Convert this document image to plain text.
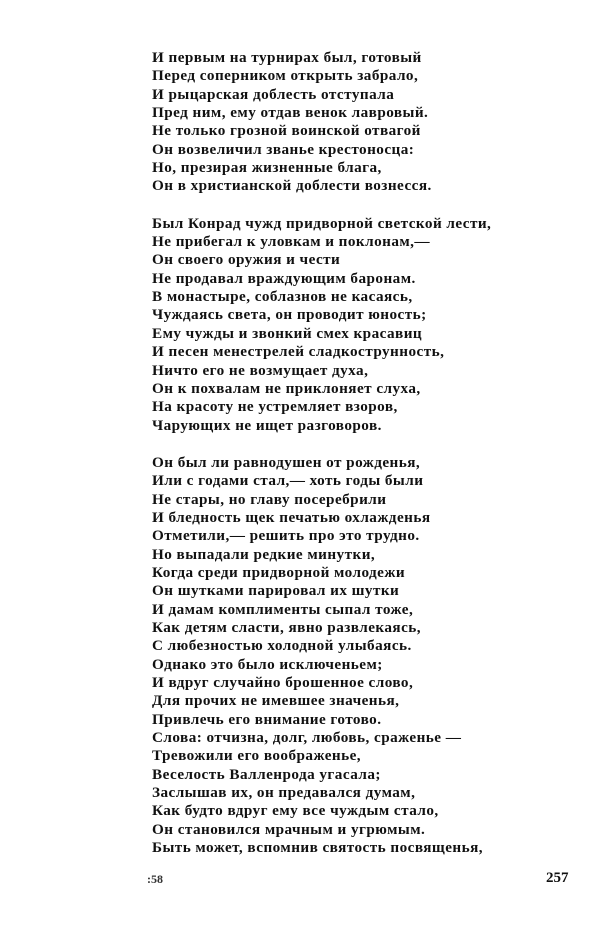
И первым на турнирах был, готовый
Перед соперником открыть забрало,
И рыцарская доблесть отступала
Пред ним, ему отдав венок лавровый.
Не только грозной воинской отвагой
Он возвеличил званье крестоносца:
Но, презирая жизненные блага,
Он в христианской доблести вознесся.
Был Конрад чужд придворной светской лести,
Не прибегал к уловкам и поклонам,—
Он своего оружия и чести
Не продавал враждующим баронам.
В монастыре, соблазнов не касаясь,
Чуждаясь света, он проводит юность;
Ему чужды и звонкий смех красавиц
И песен менестрелей сладкострунность,
Ничто его не возмущает духа,
Он к похвалам не приклоняет слуха,
На красоту не устремляет взоров,
Чарующих не ищет разговоров.
Он был ли равнодушен от рожденья,
Или с годами стал,— хоть годы были
Не стары, но главу посеребрили
И бледность щек печатью охлажденья
Отметили,— решить про это трудно.
Но выпадали редкие минутки,
Когда среди придворной молодежи
Он шутками парировал их шутки
И дамам комплименты сыпал тоже,
Как детям сласти, явно развлекаясь,
С любезностью холодной улыбаясь.
Однако это было исключеньем;
И вдруг случайно брошенное слово,
Для прочих не имевшее значенья,
Привлечь его внимание готово.
Слова: отчизна, долг, любовь, сраженье —
Тревожили его воображенье,
Веселость Валленрода угасала;
Заслышав их, он предавался думам,
Как будто вдруг ему все чуждым стало,
Он становился мрачным и угрюмым.
Быть может, вспомнив святость посвященья,
:58	257
